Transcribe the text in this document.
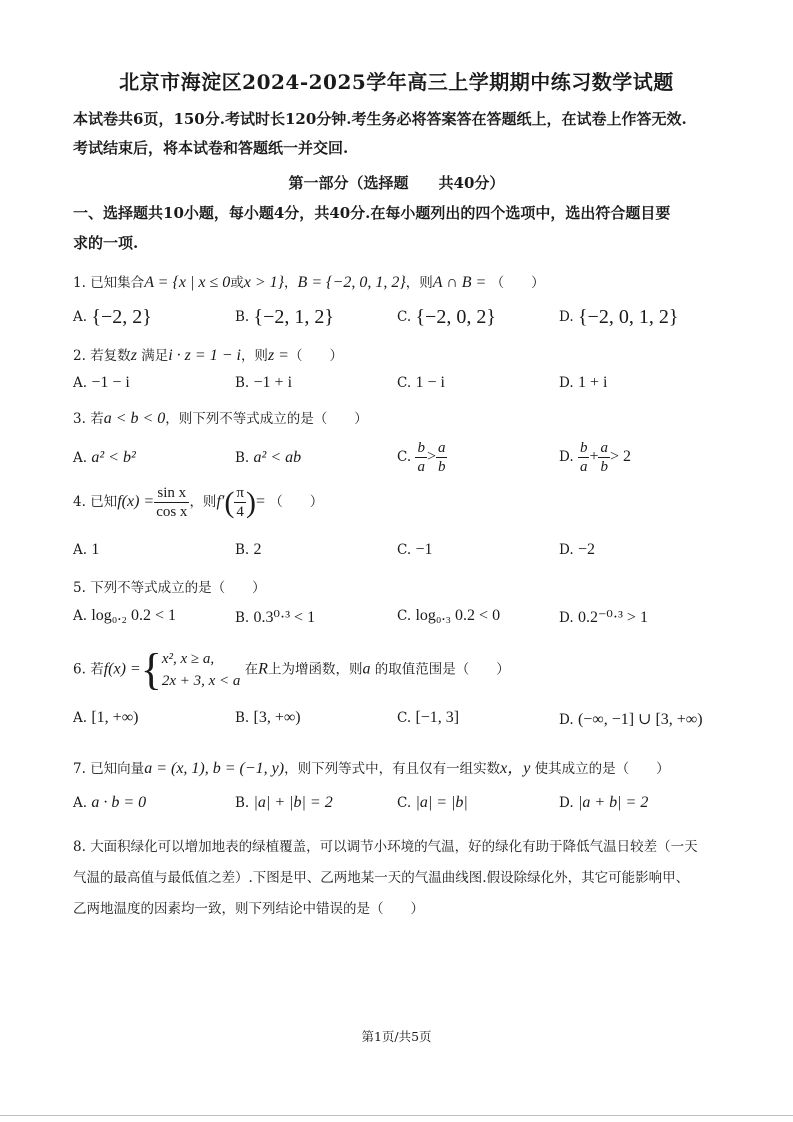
北京市海淀区2024-2025学年高三上学期期中练习数学试题
本试卷共6页，150分.考试时长120分钟.考生务必将答案答在答题纸上，在试卷上作答无效.
考试结束后，将本试卷和答题纸一并交回.
第一部分（选择题　　共40分）
一、选择题共10小题，每小题4分，共40分.在每小题列出的四个选项中，选出符合题目要
求的一项.
1. 已知集合A = {x | x ≤ 0或x > 1}，B = {−2, 0, 1, 2}，则A ∩ B = （　　）
A. {−2, 2}	B. {−2, 1, 2}	C. {−2, 0, 2}	D. {−2, 0, 1, 2}
2. 若复数z 满足i · z = 1 − i，则z =（　　）
A. −1 − i	B. −1 + i	C. 1 − i	D. 1 + i
3. 若a < b < 0，则下列不等式成立的是（　　）
A. a² < b²	B. a² < ab	C. $\frac{b}{a} > \frac{a}{b}$	D. $\frac{b}{a} + \frac{a}{b} > 2$
4. 已知$f(x) = \frac{\text{sin x}}{\text{cos x}}$ ，则$f'( \frac{\pi}{4}$ )= （　　）
A. 1	B. 2	C. −1	D. −2
5. 下列不等式成立的是（　　）
A. log₀.₂ 0.2 < 1	B. 0.3⁰·³ < 1	C. log₀.₃ 0.2 < 0	D. 0.2⁻⁰·³ > 1
6. 若f(x) ={ x², x ≥ a,
2x + 3, x < a
在R上为增函数，则a 的取值范围是（　　）
A. [1, +∞)	B. [3, +∞)	C. [−1, 3]	D. (−∞, −1] ∪ [3, +∞)
7. 已知向量a = (x, 1), b = (−1, y)，则下列等式中，有且仅有一组实数x，y 使其成立的是（　　）
A. a · b = 0	B. |a| + |b| = 2	C. |a| = |b|	D. |a + b| = 2
8. 大面积绿化可以增加地表的绿植覆盖，可以调节小环境的气温，好的绿化有助于降低气温日较差（一天
气温的最高值与最低值之差）.下图是甲、乙两地某一天的气温曲线图.假设除绿化外，其它可能影响甲、
乙两地温度的因素均一致，则下列结论中错误的是（　　）
第1页/共5页
